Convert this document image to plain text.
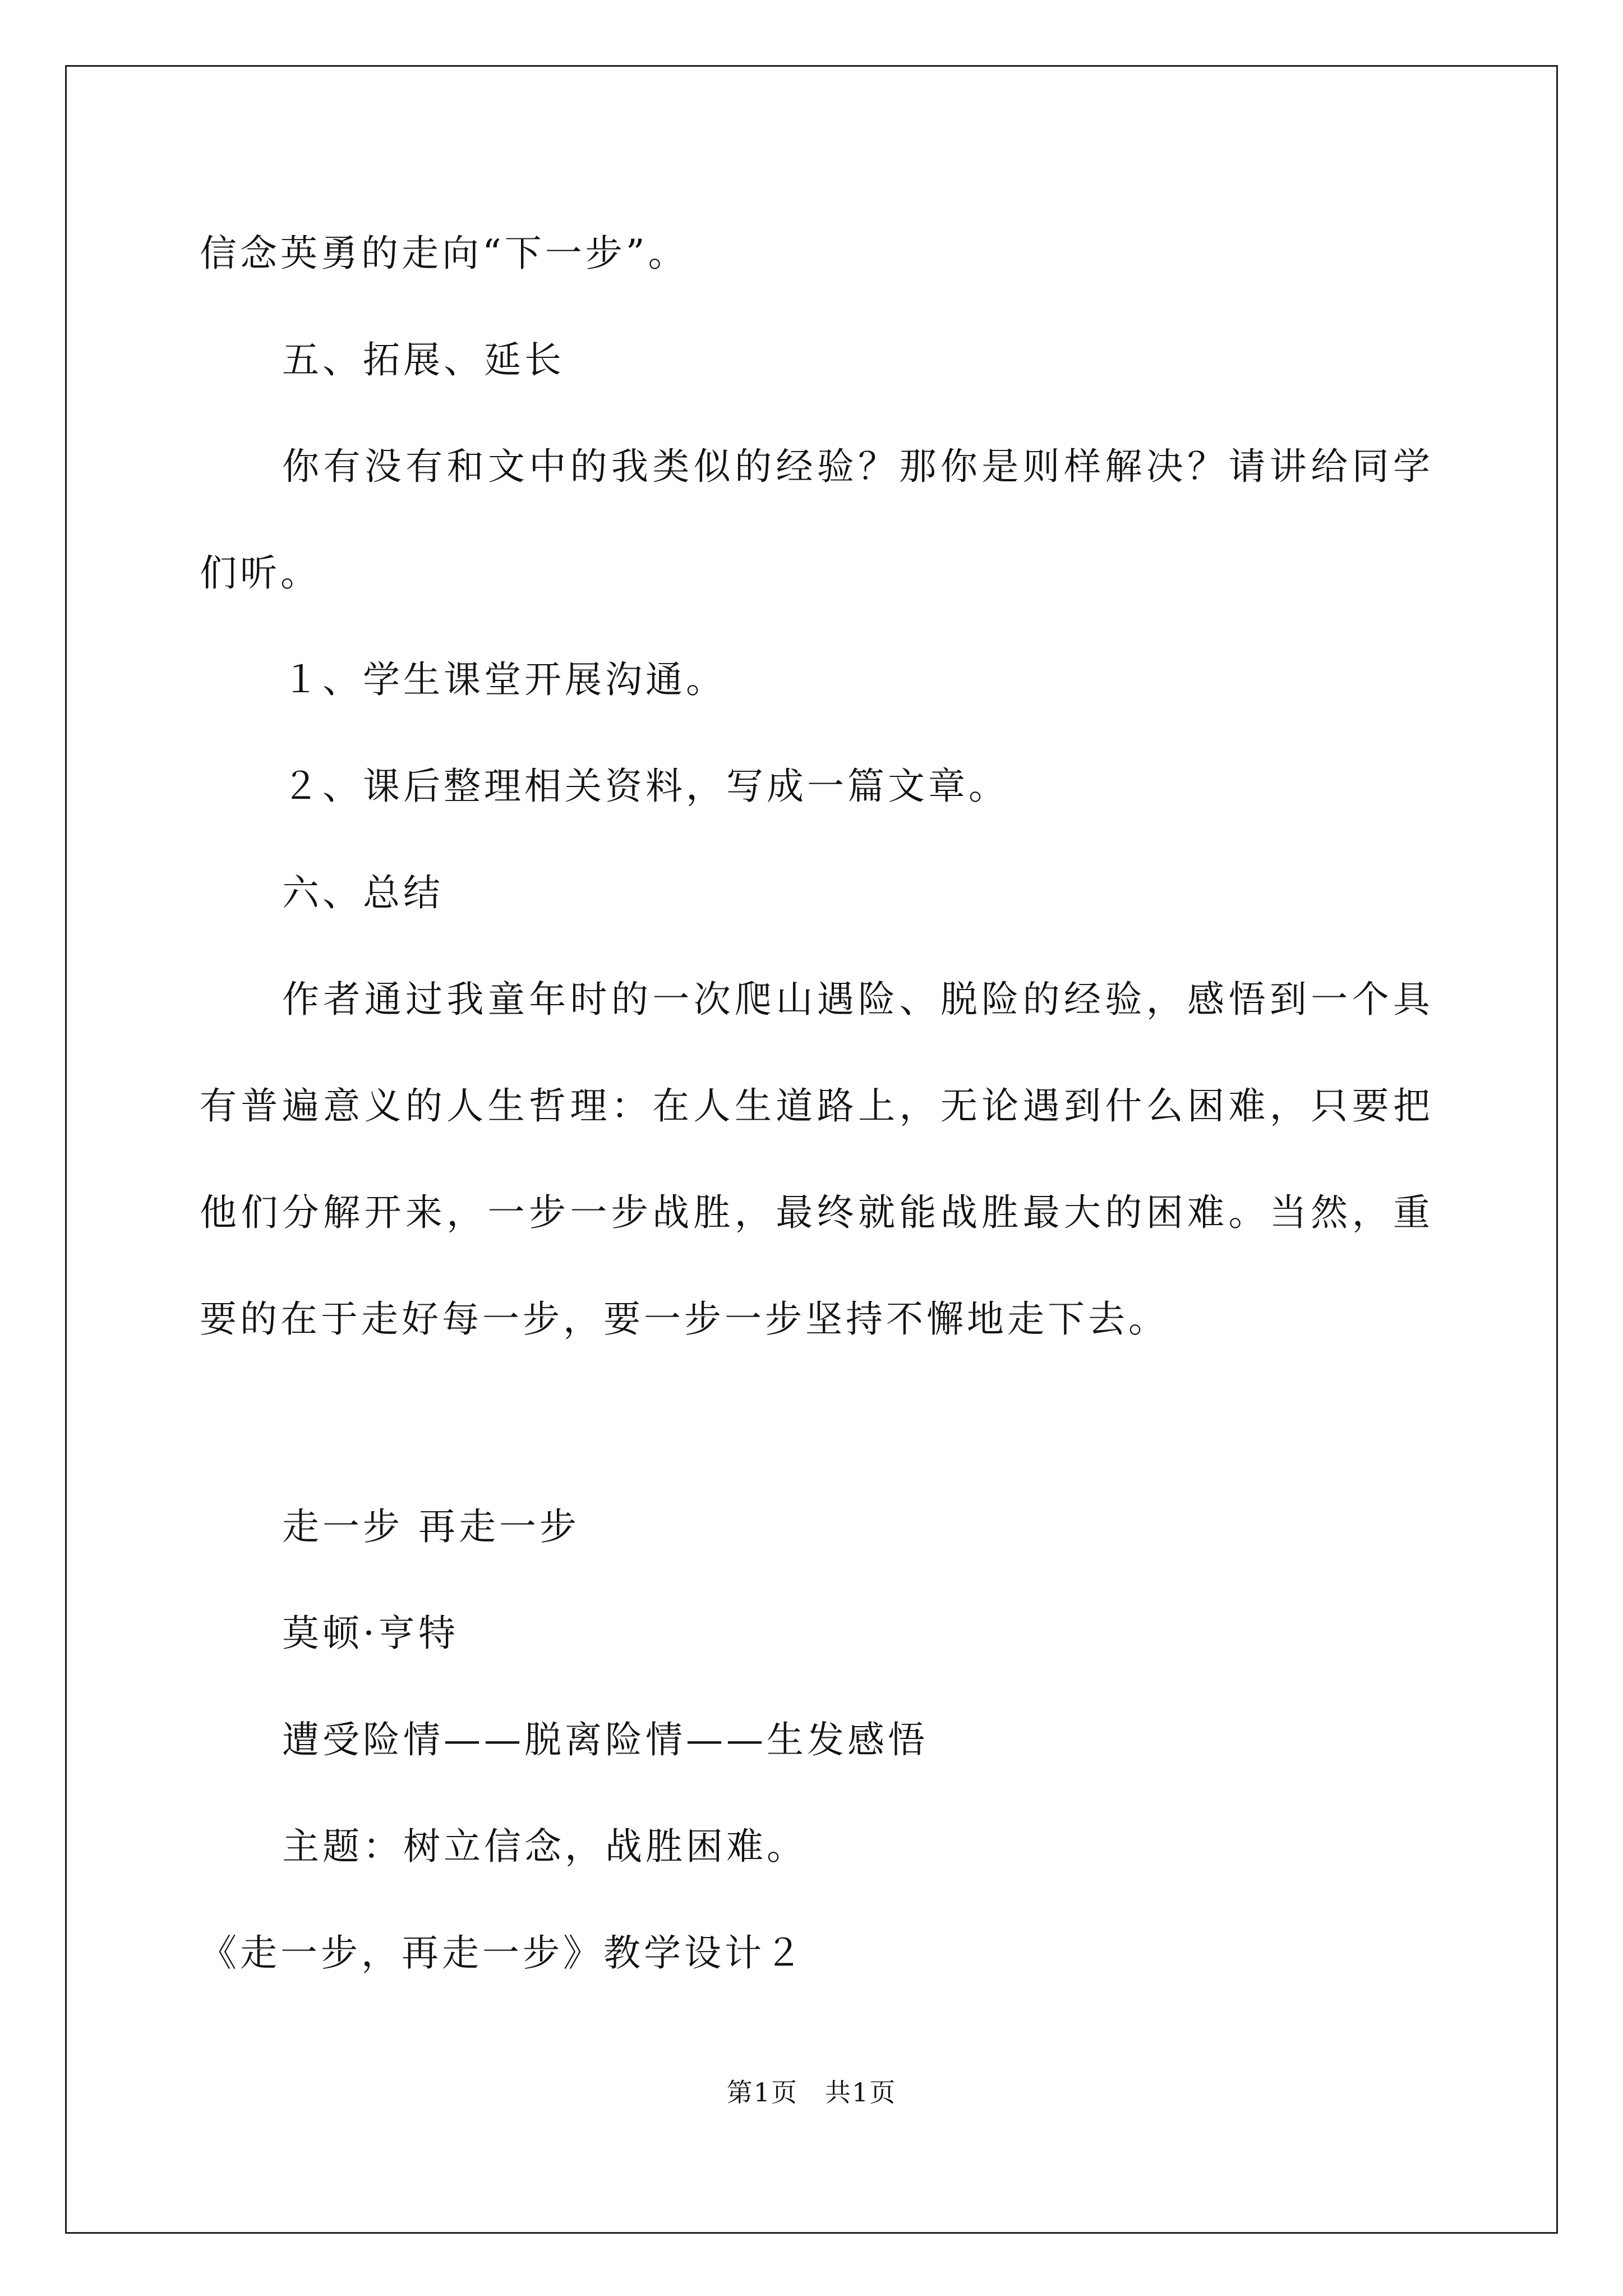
信念英勇的走向“下一步”。
五、拓展、延长
你有没有和文中的我类似的经验？那你是则样解决？请讲给同学
们听。
１、学生课堂开展沟通。
２、课后整理相关资料，写成一篇文章。
六、总结
作者通过我童年时的一次爬山遇险、脱险的经验，感悟到一个具
有普遍意义的人生哲理：在人生道路上，无论遇到什么困难，只要把
他们分解开来，一步一步战胜，最终就能战胜最大的困难。当然，重
要的在于走好每一步，要一步一步坚持不懈地走下去。
走一步 再走一步
莫顿·亨特
遭受险情——脱离险情——生发感悟
主题：树立信念，战胜困难。
《走一步，再走一步》教学设计２
第1页　共1页
